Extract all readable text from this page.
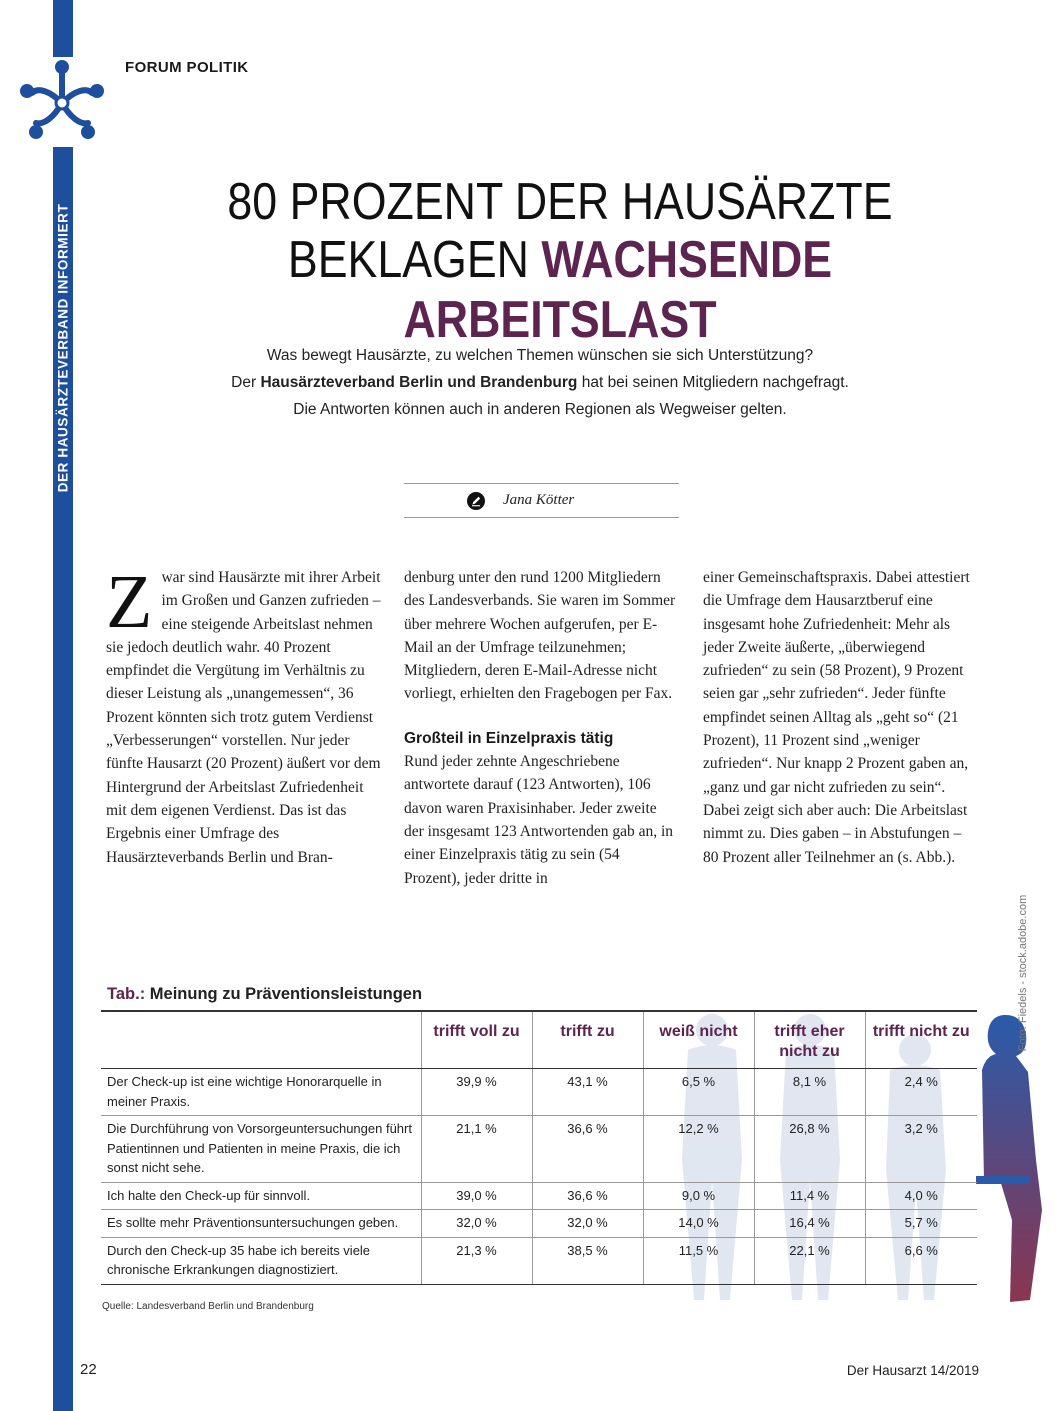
DER HAUSÄRZTEVERBAND INFORMIERT
FORUM POLITIK
80 PROZENT DER HAUSÄRZTE
BEKLAGEN WACHSENDE ARBEITSLAST

Was bewegt Hausärzte, zu welchen Themen wünschen sie sich Unterstützung?

Der Hausärzteverband Berlin und Brandenburg hat bei seinen Mitgliedern nachgefragt.

Die Antworten können auch in anderen Regionen als Wegweiser gelten.

Jana Kötter
Z war sind Hausärzte mit ihrer Arbeit im Großen und Ganzen zufrieden – eine steigende Arbeitslast nehmen sie jedoch deutlich wahr. 40 Prozent empfindet die Vergütung im Verhältnis zu dieser Leistung als „unangemessen“, 36 Prozent könnten sich trotz gutem Verdienst „Verbesserungen“ vorstellen. Nur jeder fünfte Hausarzt (20 Prozent) äußert vor dem Hintergrund der Arbeitslast Zufriedenheit mit dem eigenen Verdienst. Das ist das Ergebnis einer Umfrage des Hausärzteverbands Berlin und Bran-

denburg unter den rund 1200 Mitgliedern des Landesverbands. Sie waren im Sommer über mehrere Wochen aufgerufen, per E-Mail an der Umfrage teilzunehmen; Mitgliedern, deren E-Mail-Adresse nicht vorliegt, erhielten den Fragebogen per Fax.

Großteil in Einzelpraxis tätig

Rund jeder zehnte Angeschriebene antwortete darauf (123 Antworten), 106 davon waren Praxisinhaber. Jeder zweite der insgesamt 123 Antwortenden gab an, in einer Einzelpraxis tätig zu sein (54 Prozent), jeder dritte in

einer Gemeinschaftspraxis. Dabei attestiert die Umfrage dem Hausarztberuf eine insgesamt hohe Zufriedenheit: Mehr als jeder Zweite äußerte, „überwiegend zufrieden“ zu sein (58 Prozent), 9 Prozent seien gar „sehr zufrieden“. Jeder fünfte empfindet seinen Alltag als „geht so“ (21 Prozent), 11 Prozent sind „weniger zufrieden“. Nur knapp 2 Prozent gaben an, „ganz und gar nicht zufrieden zu sein“. Dabei zeigt sich aber auch: Die Arbeitslast nimmt zu. Dies gaben – in Abstufungen – 80 Prozent aller Teilnehmer an (s. Abb.).

Foto: Fiedels - stock.adobe.com
Tab.: Meinung zu Präventionsleistungen
	trifft voll zu	trifft zu	weiß nicht	trifft eher nicht zu	trifft nicht zu
Der Check-up ist eine wichtige Honorarquelle in meiner Praxis.	39,9 %	43,1 %	6,5 %	8,1 %	2,4 %
Die Durchführung von Vorsorgeuntersuchungen führt Patientinnen und Patienten in meine Praxis, die ich sonst nicht sehe.	21,1 %	36,6 %	12,2 %	26,8 %	3,2 %
Ich halte den Check-up für sinnvoll.	39,0 %	36,6 %	9,0 %	11,4 %	4,0 %
Es sollte mehr Präventionsuntersuchungen geben.	32,0 %	32,0 %	14,0 %	16,4 %	5,7 %
Durch den Check-up 35 habe ich bereits viele chronische Erkrankungen diagnostiziert.	21,3 %	38,5 %	11,5 %	22,1 %	6,6 %
Quelle: Landesverband Berlin und Brandenburg
22	Der Hausarzt 14/2019
